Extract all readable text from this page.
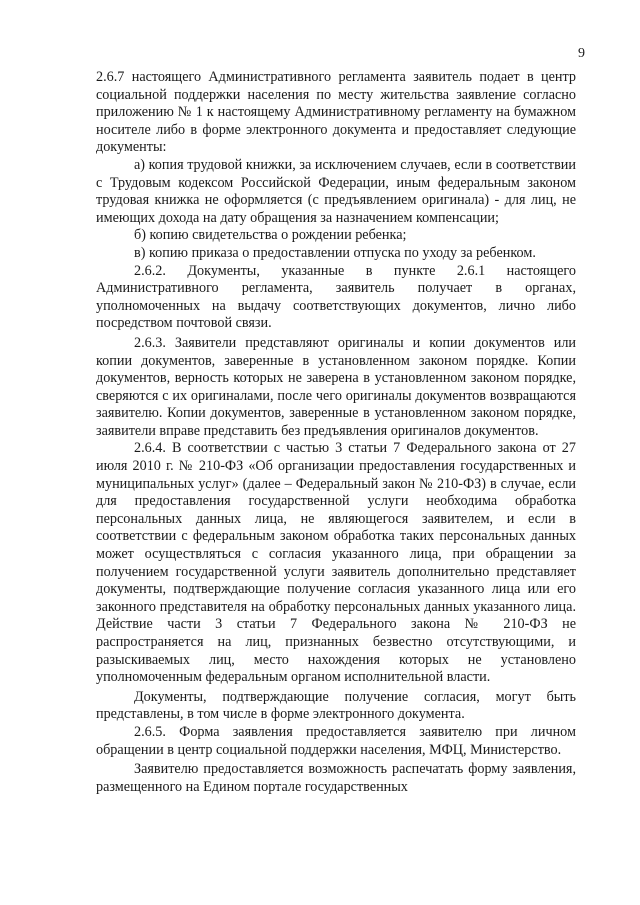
9

2.6.7 настоящего Административного регламента заявитель подает в центр социальной поддержки населения по месту жительства заявление согласно приложению № 1 к настоящему Административному регламенту на бумажном носителе либо в форме электронного документа и предоставляет следующие документы:

а) копия трудовой книжки, за исключением случаев, если в соответствии с Трудовым кодексом Российской Федерации, иным федеральным законом трудовая книжка не оформляется (с предъявлением оригинала) - для лиц, не имеющих дохода на дату обращения за назначением компенсации;

б) копию свидетельства о рождении ребенка;

в) копию приказа о предоставлении отпуска по уходу за ребенком.

2.6.2. Документы, указанные в пункте 2.6.1 настоящего Административного регламента, заявитель получает в органах, уполномоченных на выдачу соответствующих документов, лично либо посредством почтовой связи.

2.6.3. Заявители представляют оригиналы и копии документов или копии документов, заверенные в установленном законом порядке. Копии документов, верность которых не заверена в установленном законом порядке, сверяются с их оригиналами, после чего оригиналы документов возвращаются заявителю. Копии документов, заверенные в установленном законом порядке, заявители вправе представить без предъявления оригиналов документов.

2.6.4. В соответствии с частью 3 статьи 7 Федерального закона от 27 июля 2010 г. № 210-ФЗ «Об организации предоставления государственных и муниципальных услуг» (далее – Федеральный закон № 210-ФЗ) в случае, если для предоставления государственной услуги необходима обработка персональных данных лица, не являющегося заявителем, и если в соответствии с федеральным законом обработка таких персональных данных может осуществляться с согласия указанного лица, при обращении за получением государственной услуги заявитель дополнительно представляет документы, подтверждающие получение согласия указанного лица или его законного представителя на обработку персональных данных указанного лица. Действие части 3 статьи 7 Федерального закона № 210-ФЗ не распространяется на лиц, признанных безвестно отсутствующими, и разыскиваемых лиц, место нахождения которых не установлено уполномоченным федеральным органом исполнительной власти.

Документы, подтверждающие получение согласия, могут быть представлены, в том числе в форме электронного документа.

2.6.5. Форма заявления предоставляется заявителю при личном обращении в центр социальной поддержки населения, МФЦ, Министерство.

Заявителю предоставляется возможность распечатать форму заявления, размещенного на Едином портале государственных
